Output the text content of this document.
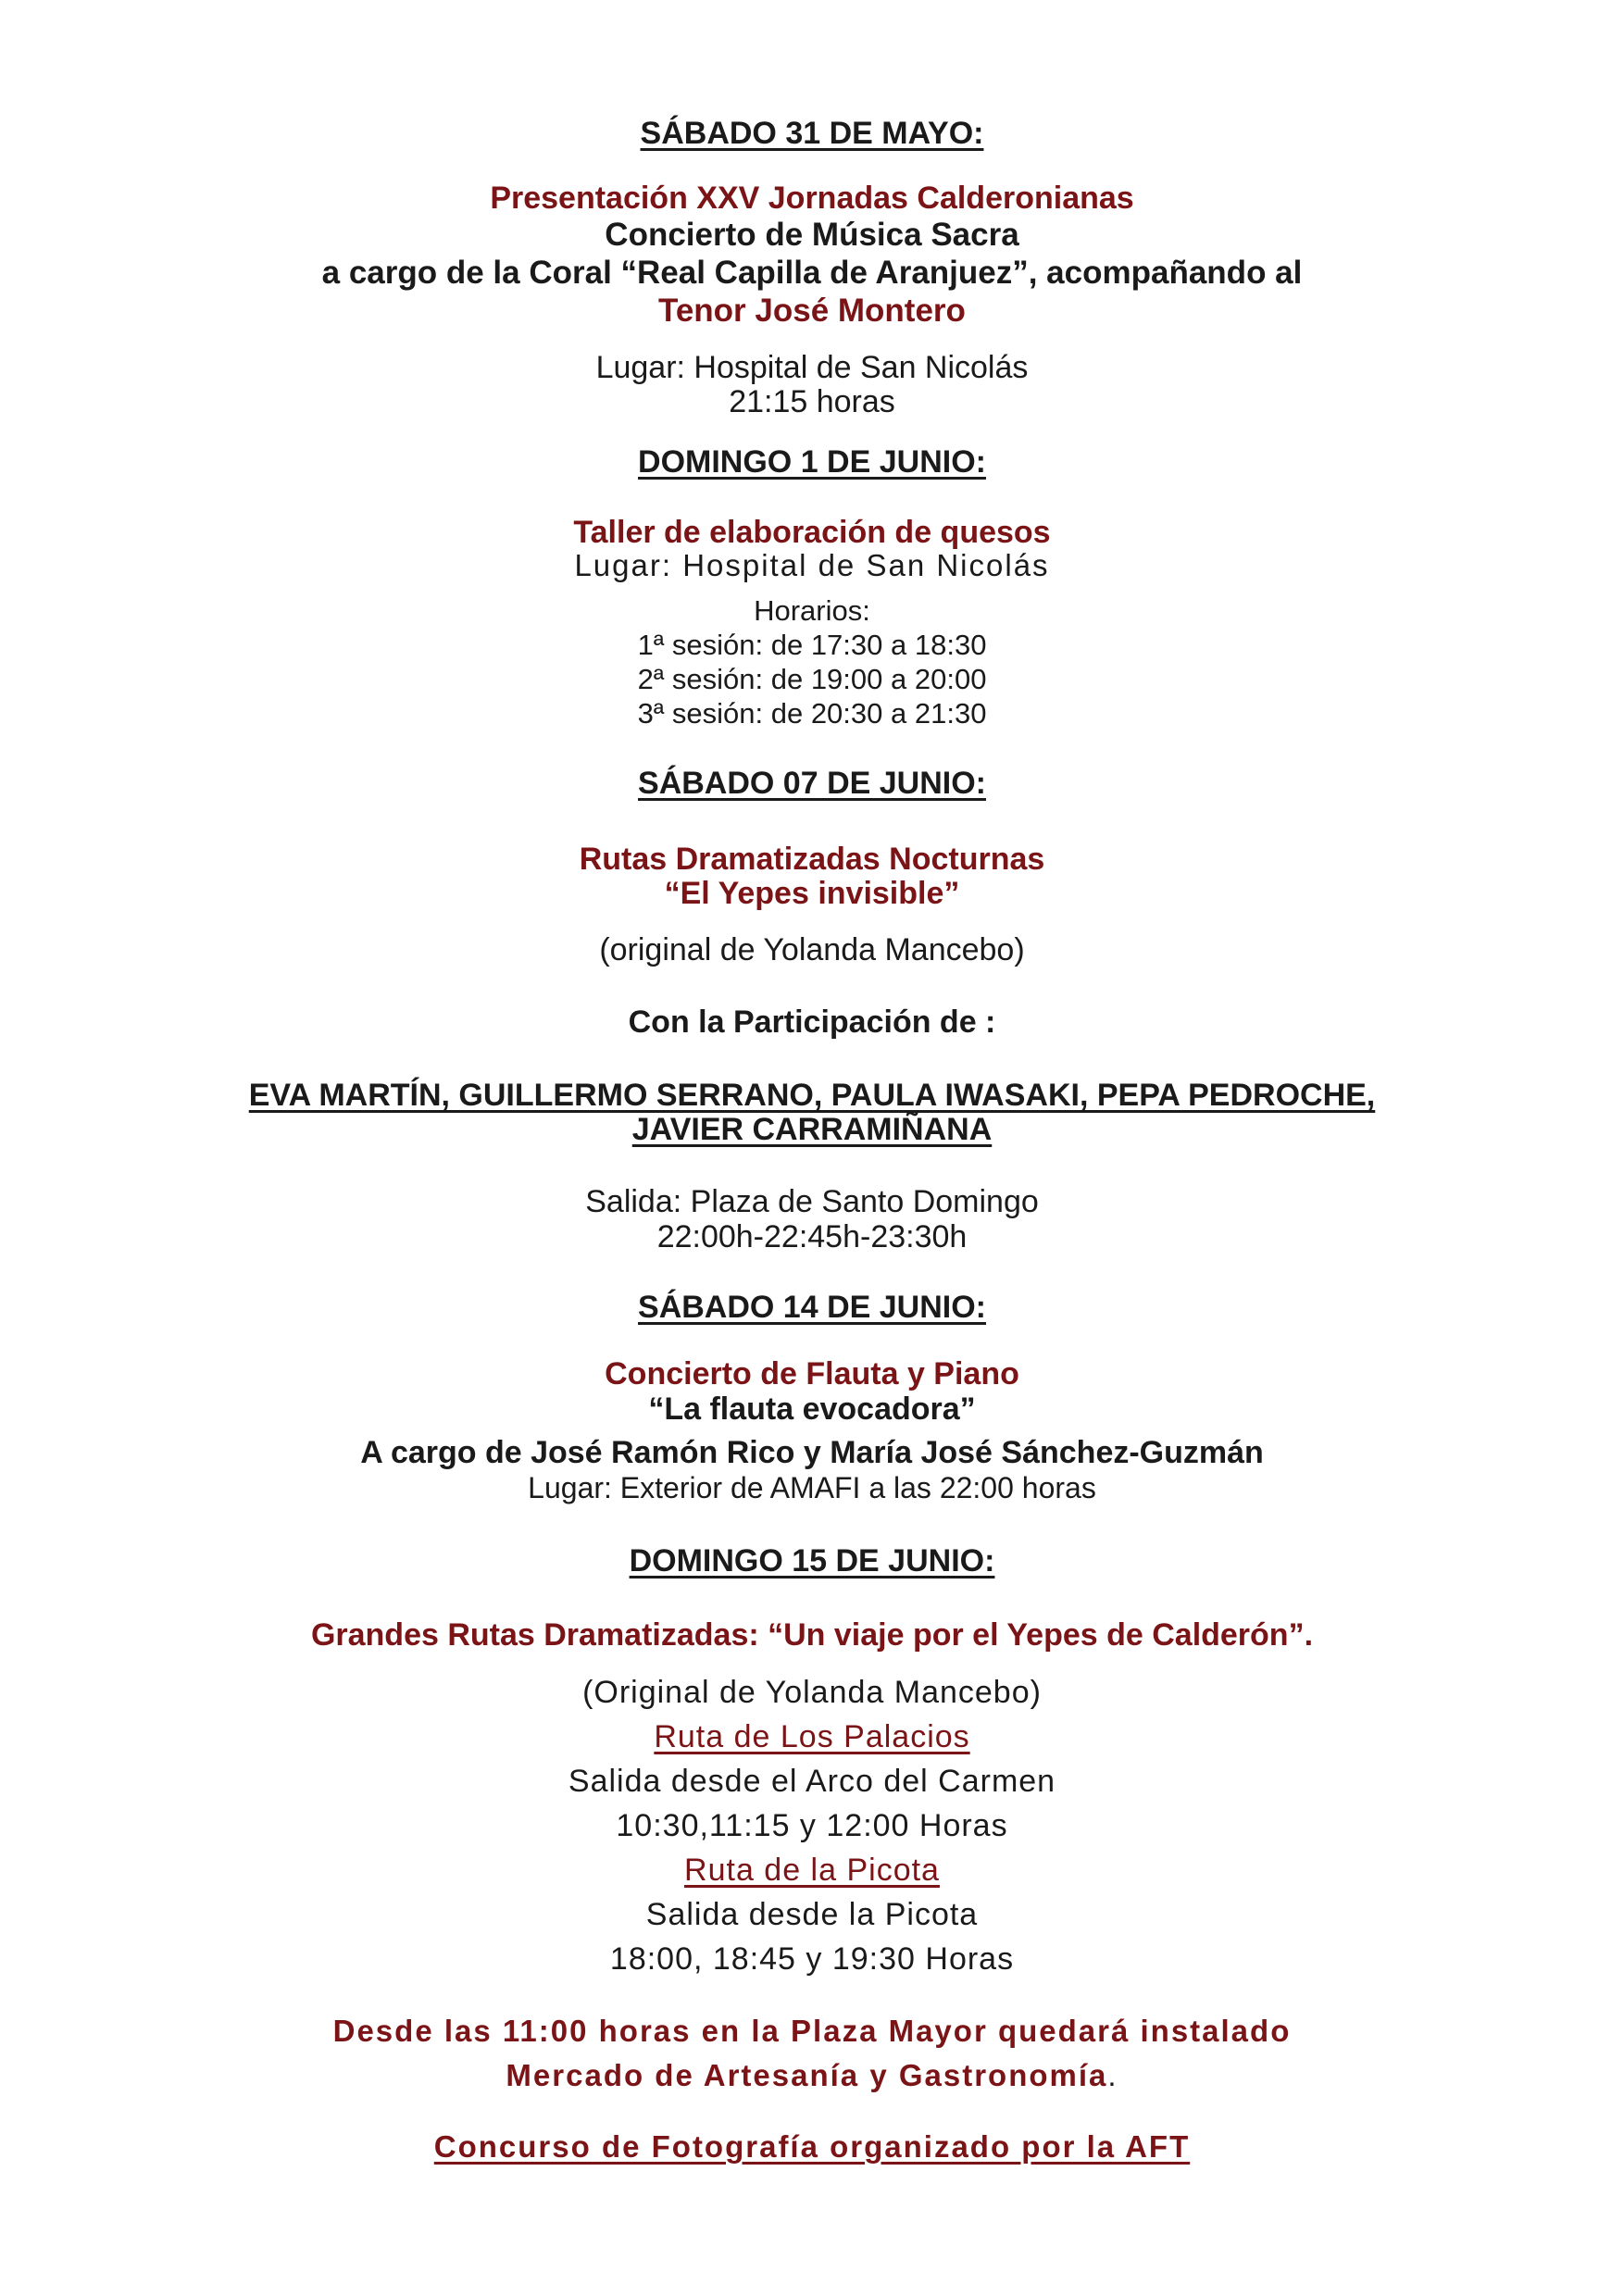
SÁBADO 31 DE MAYO:
Presentación XXV Jornadas Calderonianas
Concierto de Música Sacra
a cargo de la Coral “Real Capilla de Aranjuez”, acompañando al
Tenor José Montero
Lugar: Hospital de San Nicolás
21:15 horas
DOMINGO 1 DE JUNIO:
Taller de elaboración de quesos
Lugar: Hospital de San Nicolás
Horarios:
1ª sesión: de 17:30 a 18:30
2ª sesión: de 19:00 a 20:00
3ª sesión: de 20:30 a 21:30
SÁBADO 07 DE JUNIO:
Rutas Dramatizadas Nocturnas
“El Yepes invisible”
(original de Yolanda Mancebo)
Con la Participación de :
EVA MARTÍN, GUILLERMO SERRANO, PAULA IWASAKI, PEPA PEDROCHE,
JAVIER CARRAMIÑANA
Salida: Plaza de Santo Domingo
22:00h-22:45h-23:30h
SÁBADO 14 DE JUNIO:
Concierto de Flauta y Piano
“La flauta evocadora”
A cargo de José Ramón Rico y María José Sánchez-Guzmán
Lugar: Exterior de AMAFI a las 22:00 horas
DOMINGO 15 DE JUNIO:
Grandes Rutas Dramatizadas: “Un viaje por el Yepes de Calderón”.
(Original de Yolanda Mancebo)
Ruta de Los Palacios
Salida desde el Arco del Carmen
10:30,11:15 y 12:00 Horas
Ruta de la Picota
Salida desde la Picota
18:00, 18:45 y 19:30 Horas
Desde las 11:00 horas en la Plaza Mayor quedará instalado
Mercado de Artesanía y Gastronomía.
Concurso de Fotografía organizado por la AFT
